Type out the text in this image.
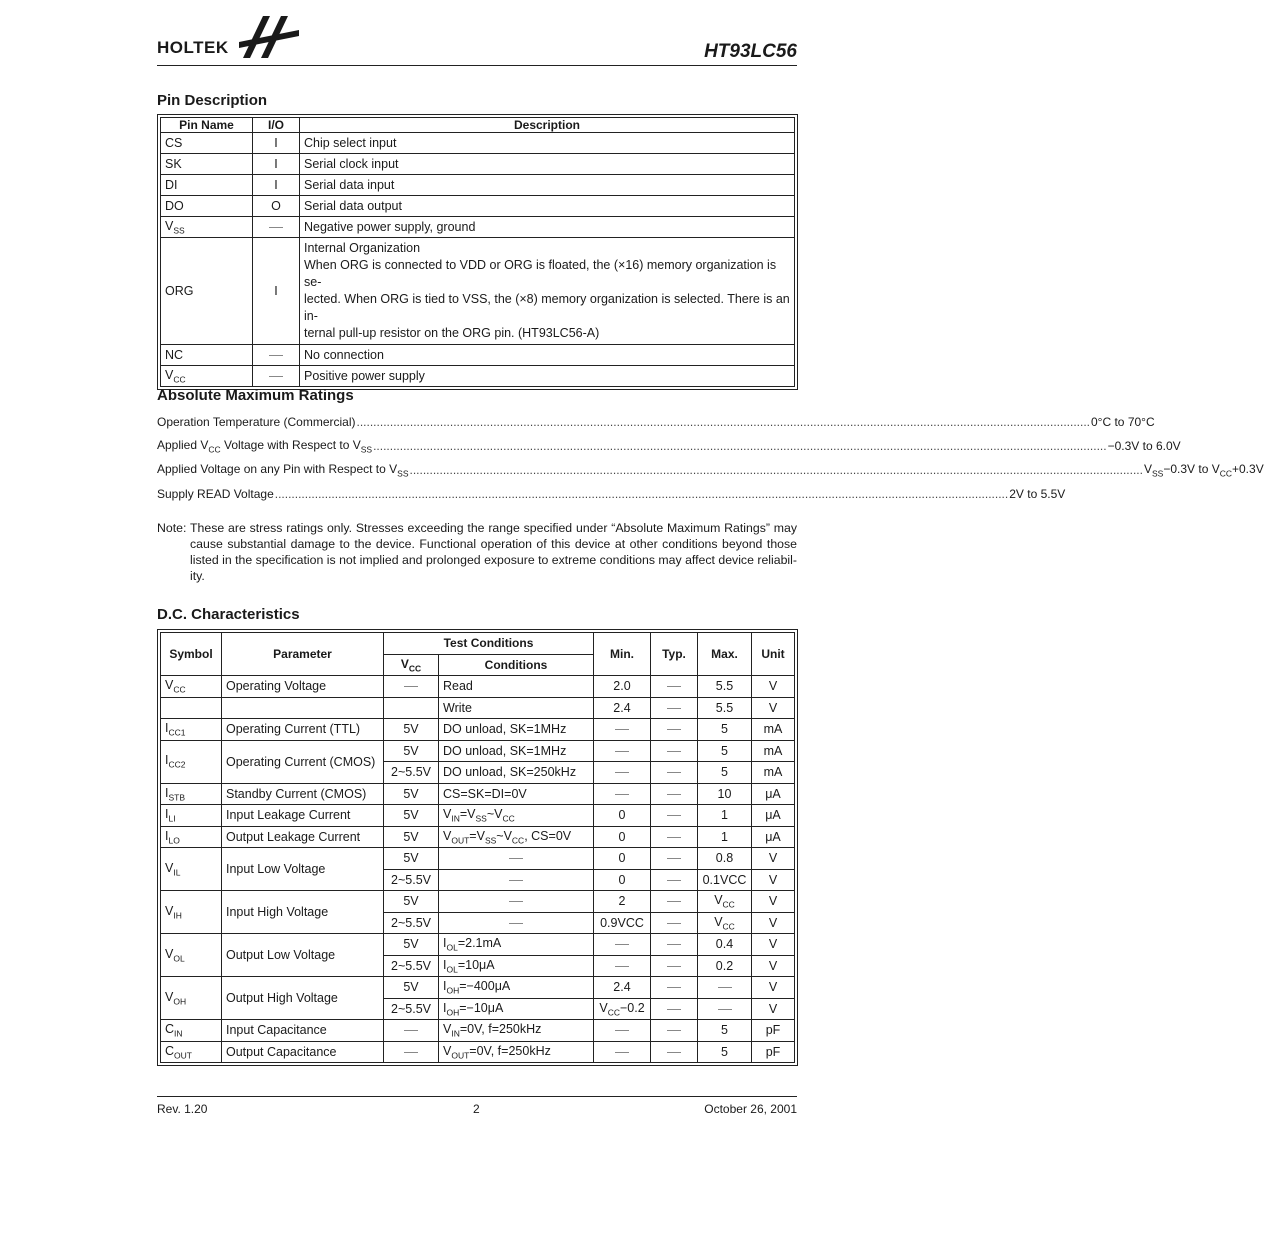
HOLTEK	HT93LC56
Pin Description
Pin Name	I/O	Description
CS	I	Chip select input
SK	I	Serial clock input
DI	I	Serial data input
DO	O	Serial data output
$V_{SS}$		Negative power supply, ground
ORG	I	Internal Organization
When ORG is connected to VDD or ORG is floated, the (×16) memory organization is se-
lected. When ORG is tied to VSS, the (×8) memory organization is selected. There is an in-
ternal pull-up resistor on the ORG pin. (HT93LC56-A)

NC		No connection
$V_{CC}$		Positive power supply
Absolute Maximum Ratings
Operation Temperature (Commercial) ............................................................................................................................................................................................................................ 0°C to 70°C
Applied $V_{CC}$ Voltage with Respect to $V_{SS}$ ............................................................................................................................................................................................................................ −0.3V to 6.0V
Applied Voltage on any Pin with Respect to $V_{SS}$ ............................................................................................................................................................................................................................ $V_{SS}-0.3V$ to $V_{CC}+0.3V$
Supply READ Voltage ............................................................................................................................................................................................................................ 2V to 5.5V
Note: These are stress ratings only. Stresses exceeding the range specified under “Absolute Maximum Ratings” may cause substantial damage to the device. Functional operation of this device at other conditions beyond those listed in the specification is not implied and prolonged exposure to extreme conditions may affect device reliabil-ity.
D.C. Characteristics
Symbol	Parameter	Test Conditions		Min.	Typ.	Max.	Unit
		$V_{CC}$	Conditions				
$V_{CC}$	Operating Voltage		Read	2.0		5.5	V
			Write	2.4		5.5	V
$I_{CC1}$	Operating Current (TTL)	5V	DO unload, SK=1MHz			5	mA
$I_{CC2}$	Operating Current (CMOS)	5V	DO unload, SK=1MHz			5	mA
		2~5.5V	DO unload, SK=250kHz			5	mA
$I_{STB}$	Standby Current (CMOS)	5V	CS=SK=DI=0V			10	μA
$I_{LI}$	Input Leakage Current	5V	$V_{IN}=V_{SS}\sim V_{CC}$	0		1	μA
$I_{LO}$	Output Leakage Current	5V	$V_{OUT}=V_{SS}\sim V_{CC}$, CS=0V	0		1	μA
$V_{IL}$	Input Low Voltage	5V		0		0.8	V
		2~5.5V		0		0.1VCC	V
$V_{IH}$	Input High Voltage	5V		2		$V_{CC}$	V
		2~5.5V		0.9VCC		$V_{CC}$	V
$V_{OL}$	Output Low Voltage	5V	$I_{OL}=2.1mA$			0.4	V
		2~5.5V	$I_{OL}=10\mu A$			0.2	V
$V_{OH}$	Output High Voltage	5V	$I_{OH}=-400\mu A$	2.4			V
		2~5.5V	$I_{OH}=-10\mu A$	$V_{CC}-0.2$			V
$C_{IN}$	Input Capacitance		$V_{IN}=0V$, f=250kHz			5	pF
$C_{OUT}$	Output Capacitance		$V_{OUT}=0V$, f=250kHz			5	pF
Rev. 1.20	2	October 26, 2001
